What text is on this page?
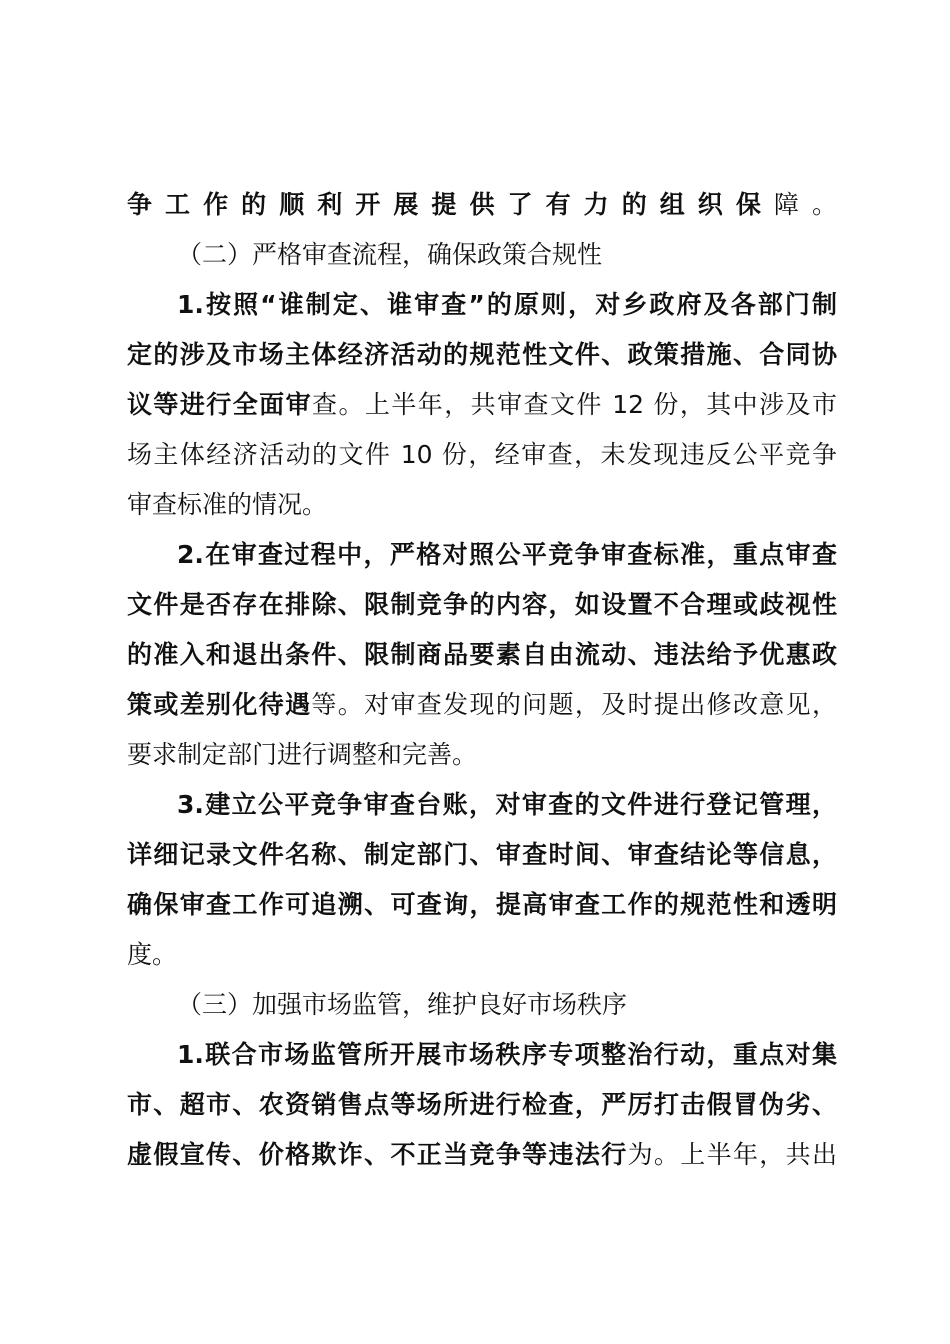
争工作的顺利开展提供了有力的组织保障。

（二）严格审查流程，确保政策合规性

1.按照“谁制定、谁审查”的原则，对乡政府及各部门制

定的涉及市场主体经济活动的规范性文件、政策措施、合同协

议等进行全面审查。上半年，共审查文件 12 份，其中涉及市

场主体经济活动的文件 10 份，经审查，未发现违反公平竞争

审查标准的情况。

2.在审查过程中，严格对照公平竞争审查标准，重点审查

文件是否存在排除、限制竞争的内容，如设置不合理或歧视性

的准入和退出条件、限制商品要素自由流动、违法给予优惠政

策或差别化待遇等。对审查发现的问题，及时提出修改意见，

要求制定部门进行调整和完善。

3.建立公平竞争审查台账，对审查的文件进行登记管理，

详细记录文件名称、制定部门、审查时间、审查结论等信息，

确保审查工作可追溯、可查询，提高审查工作的规范性和透明

度。

（三）加强市场监管，维护良好市场秩序

1.联合市场监管所开展市场秩序专项整治行动，重点对集

市、超市、农资销售点等场所进行检查，严厉打击假冒伪劣、

虚假宣传、价格欺诈、不正当竞争等违法行为。上半年，共出
